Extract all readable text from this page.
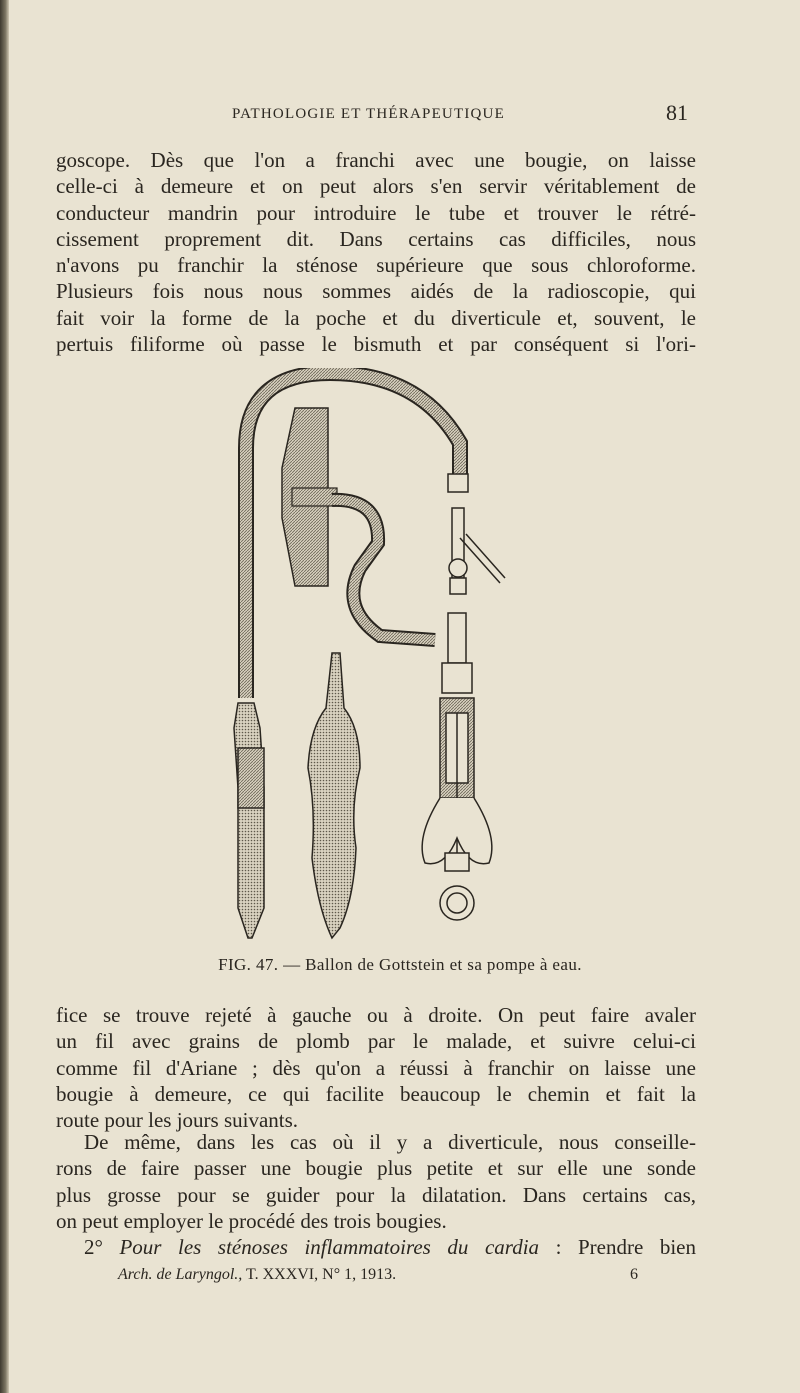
PATHOLOGIE ET THÉRAPEUTIQUE	81

goscope. Dès que l'on a franchi avec une bougie, on laisse
celle-ci à demeure et on peut alors s'en servir véritablement de
conducteur mandrin pour introduire le tube et trouver le rétré-
cissement proprement dit. Dans certains cas difficiles, nous
n'avons pu franchir la sténose supérieure que sous chloroforme.
Plusieurs fois nous nous sommes aidés de la radioscopie, qui
fait voir la forme de la poche et du diverticule et, souvent, le
pertuis filiforme où passe le bismuth et par conséquent si l'ori-

FIG. 47. — Ballon de Gottstein et sa pompe à eau.

fice se trouve rejeté à gauche ou à droite. On peut faire avaler
un fil avec grains de plomb par le malade, et suivre celui-ci
comme fil d'Ariane ; dès qu'on a réussi à franchir on laisse une
bougie à demeure, ce qui facilite beaucoup le chemin et fait la
route pour les jours suivants.

De même, dans les cas où il y a diverticule, nous conseille-
rons de faire passer une bougie plus petite et sur elle une sonde
plus grosse pour se guider pour la dilatation. Dans certains cas,
on peut employer le procédé des trois bougies.
2° Pour les sténoses inflammatoires du cardia : Prendre bien

Arch. de Laryngol., T. XXXVI, N° 1, 1913.	6
